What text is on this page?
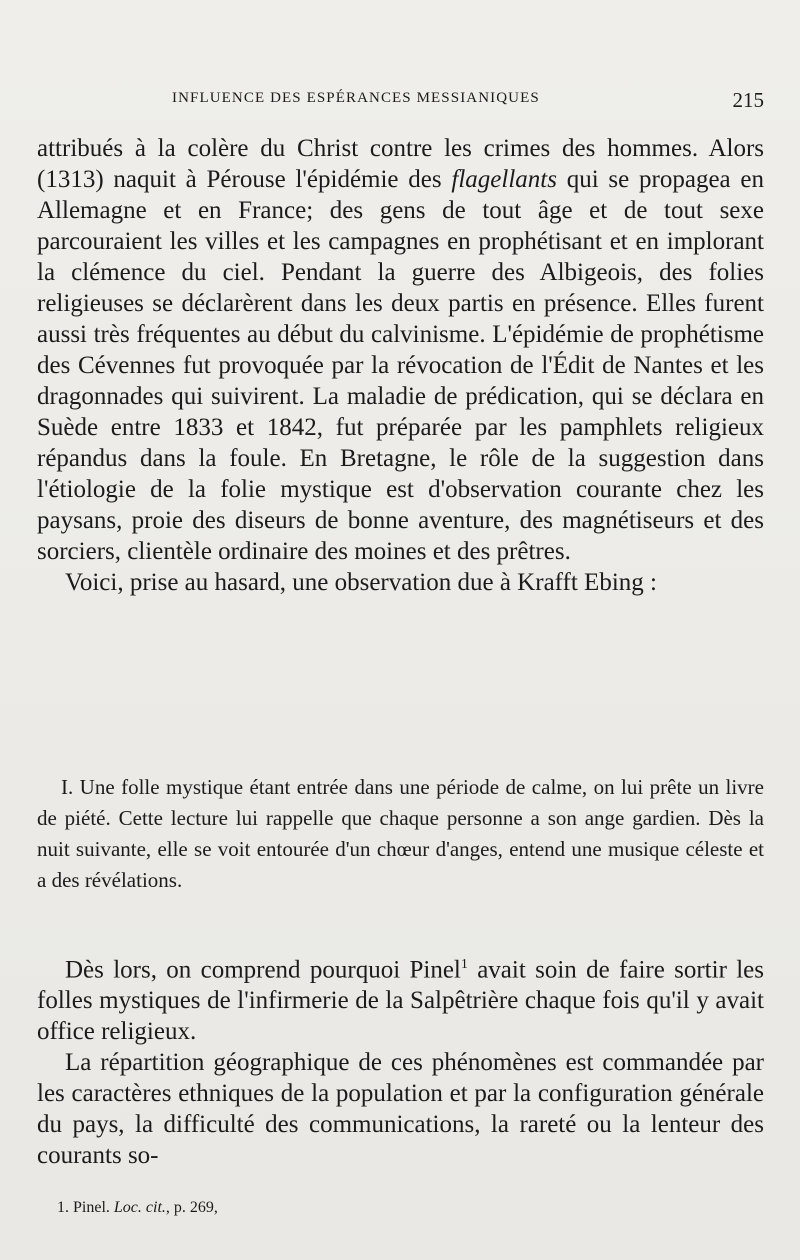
INFLUENCE DES ESPÉRANCES MESSIANIQUES	215

attribués à la colère du Christ contre les crimes des hommes. Alors (1313) naquit à Pérouse l'épidémie des flagellants qui se propagea en Allemagne et en France; des gens de tout âge et de tout sexe parcouraient les villes et les campagnes en prophétisant et en implorant la clémence du ciel. Pendant la guerre des Albigeois, des folies religieuses se déclarèrent dans les deux partis en présence. Elles furent aussi très fréquentes au début du calvinisme. L'épidémie de prophétisme des Cévennes fut provoquée par la révocation de l'Édit de Nantes et les dragonnades qui suivirent. La maladie de prédication, qui se déclara en Suède entre 1833 et 1842, fut préparée par les pamphlets religieux répandus dans la foule. En Bretagne, le rôle de la suggestion dans l'étiologie de la folie mystique est d'observation courante chez les paysans, proie des diseurs de bonne aventure, des magnétiseurs et des sorciers, clientèle ordinaire des moines et des prêtres.

Voici, prise au hasard, une observation due à Krafft Ebing :

I. Une folle mystique étant entrée dans une période de calme, on lui prête un livre de piété. Cette lecture lui rappelle que chaque personne a son ange gardien. Dès la nuit suivante, elle se voit entourée d'un chœur d'anges, entend une musique céleste et a des révélations.

Dès lors, on comprend pourquoi Pinel$^1$ avait soin de faire sortir les folles mystiques de l'infirmerie de la Salpêtrière chaque fois qu'il y avait office religieux.

La répartition géographique de ces phénomènes est commandée par les caractères ethniques de la population et par la configuration générale du pays, la difficulté des communications, la rareté ou la lenteur des courants so-

1. Pinel. Loc. cit., p. 269,
